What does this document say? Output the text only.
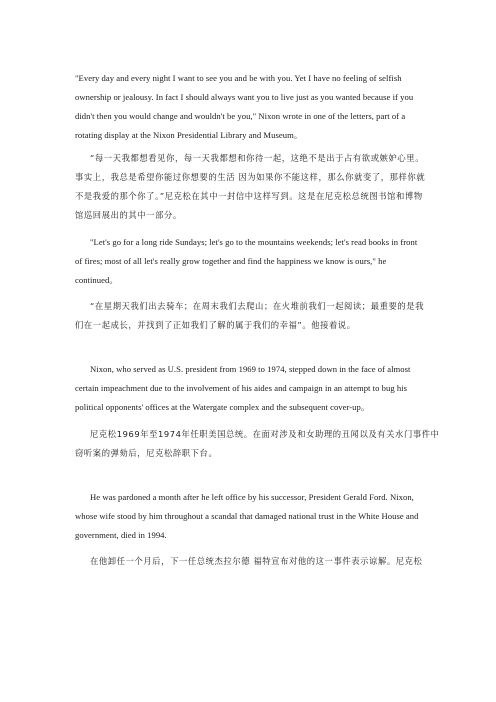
"Every day and every night I want to see you and be with you. Yet I have no feeling of selfish
ownership or jealousy. In fact I should always want you to live just as you wanted because if you
didn't then you would change and wouldn't be you," Nixon wrote in one of the letters, part of a
rotating display at the Nixon Presidential Library and Museum。
“每一天我都想看见你，每一天我都想和你待一起，这绝不是出于占有欲或嫉妒心里。
事实上，我总是希望你能过你想要的生活 因为如果你不能这样，那么你就变了，那样你就
不是我爱的那个你了。”尼克松在其中一封信中这样写到。这是在尼克松总统图书馆和博物
馆巡回展出的其中一部分。
"Let's go for a long ride Sundays; let's go to the mountains weekends; let's read books in front
of fires; most of all let's really grow together and find the happiness we know is ours," he
continued。
“在星期天我们出去骑车；在周末我们去爬山；在火堆前我们一起阅读；最重要的是我
们在一起成长，并找到了正如我们了解的属于我们的幸福”。他接着说。
Nixon, who served as U.S. president from 1969 to 1974, stepped down in the face of almost
certain impeachment due to the involvement of his aides and campaign in an attempt to bug his
political opponents' offices at the Watergate complex and the subsequent cover-up。
尼克松1969年至1974年任职美国总统。在面对涉及和女助理的丑闻以及有关水门事件中
窃听案的弹劾后，尼克松辞职下台。
He was pardoned a month after he left office by his successor, President Gerald Ford. Nixon,
whose wife stood by him throughout a scandal that damaged national trust in the White House and
government, died in 1994.
在他卸任一个月后，下一任总统杰拉尔德 福特宣布对他的这一事件表示谅解。尼克松
